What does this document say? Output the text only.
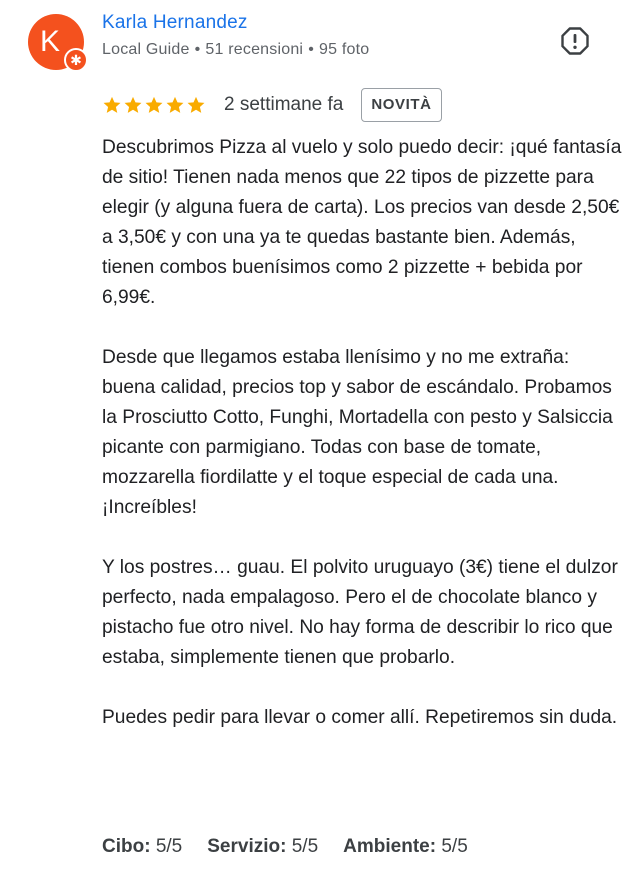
K
✱
Karla Hernandez
Local Guide • 51 recensioni • 95 foto
2 settimane fa	NOVITÀ

Descubrimos Pizza al vuelo y solo puedo decir: ¡qué fantasía de sitio! Tienen nada menos que 22 tipos de pizzette para elegir (y alguna fuera de carta). Los precios van desde 2,50€ a 3,50€ y con una ya te quedas bastante bien. Además, tienen combos buenísimos como 2 pizzette + bebida por 6,99€.

Desde que llegamos estaba llenísimo y no me extraña: buena calidad, precios top y sabor de escándalo. Probamos la Prosciutto Cotto, Funghi, Mortadella con pesto y Salsiccia picante con parmigiano. Todas con base de tomate, mozzarella fiordilatte y el toque especial de cada una. ¡Increíbles!

Y los postres… guau. El polvito uruguayo (3€) tiene el dulzor perfecto, nada empalagoso. Pero el de chocolate blanco y pistacho fue otro nivel. No hay forma de describir lo rico que estaba, simplemente tienen que probarlo.

Puedes pedir para llevar o comer allí. Repetiremos sin duda.

Cibo: 5/5 Servizio: 5/5 Ambiente: 5/5
